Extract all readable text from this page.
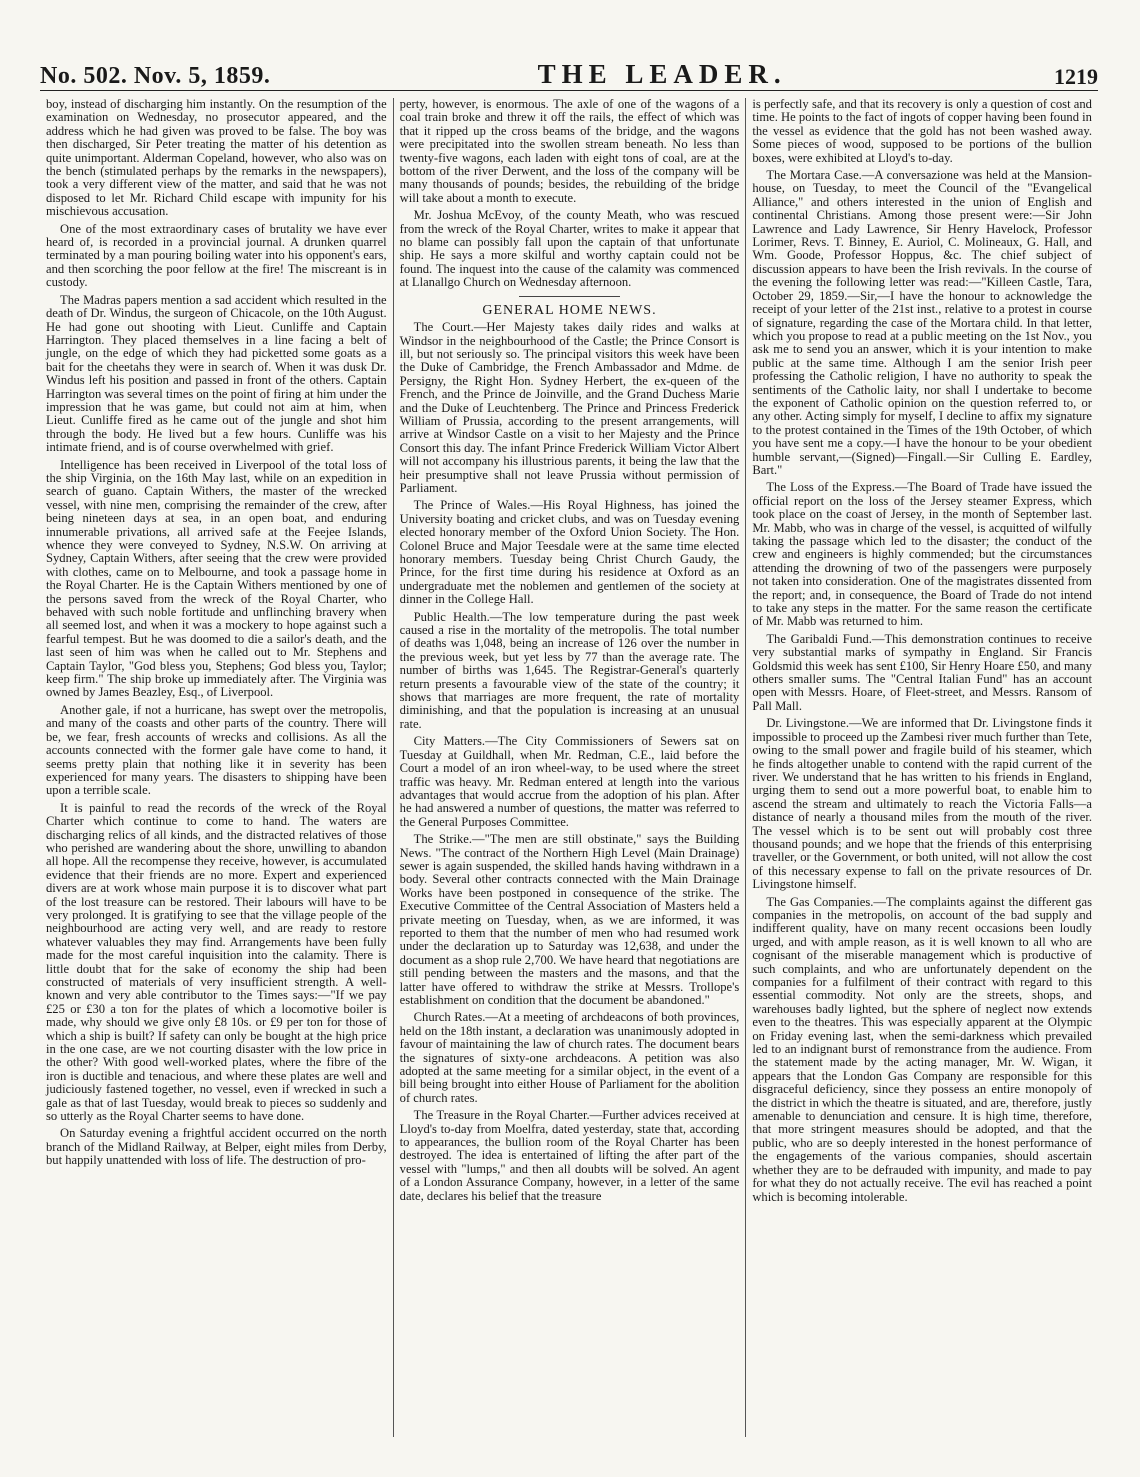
No. 502. Nov. 5, 1859.	THE LEADER.	1219

boy, instead of discharging him instantly. On the resumption of the examination on Wednesday, no prosecutor appeared, and the address which he had given was proved to be false. The boy was then discharged, Sir Peter treating the matter of his detention as quite unimportant. Alderman Copeland, however, who also was on the bench (stimulated perhaps by the remarks in the newspapers), took a very different view of the matter, and said that he was not disposed to let Mr. Richard Child escape with impunity for his mischievous accusation.

One of the most extraordinary cases of brutality we have ever heard of, is recorded in a provincial journal. A drunken quarrel terminated by a man pouring boiling water into his opponent's ears, and then scorching the poor fellow at the fire! The miscreant is in custody.

The Madras papers mention a sad accident which resulted in the death of Dr. Windus, the surgeon of Chicacole, on the 10th August. He had gone out shooting with Lieut. Cunliffe and Captain Harrington. They placed themselves in a line facing a belt of jungle, on the edge of which they had picketted some goats as a bait for the cheetahs they were in search of. When it was dusk Dr. Windus left his position and passed in front of the others. Captain Harrington was several times on the point of firing at him under the impression that he was game, but could not aim at him, when Lieut. Cunliffe fired as he came out of the jungle and shot him through the body. He lived but a few hours. Cunliffe was his intimate friend, and is of course overwhelmed with grief.

Intelligence has been received in Liverpool of the total loss of the ship Virginia, on the 16th May last, while on an expedition in search of guano. Captain Withers, the master of the wrecked vessel, with nine men, comprising the remainder of the crew, after being nineteen days at sea, in an open boat, and enduring innumerable privations, all arrived safe at the Feejee Islands, whence they were conveyed to Sydney, N.S.W. On arriving at Sydney, Captain Withers, after seeing that the crew were provided with clothes, came on to Melbourne, and took a passage home in the Royal Charter. He is the Captain Withers mentioned by one of the persons saved from the wreck of the Royal Charter, who behaved with such noble fortitude and unflinching bravery when all seemed lost, and when it was a mockery to hope against such a fearful tempest. But he was doomed to die a sailor's death, and the last seen of him was when he called out to Mr. Stephens and Captain Taylor, "God bless you, Stephens; God bless you, Taylor; keep firm." The ship broke up immediately after. The Virginia was owned by James Beazley, Esq., of Liverpool.

Another gale, if not a hurricane, has swept over the metropolis, and many of the coasts and other parts of the country. There will be, we fear, fresh accounts of wrecks and collisions. As all the accounts connected with the former gale have come to hand, it seems pretty plain that nothing like it in severity has been experienced for many years. The disasters to shipping have been upon a terrible scale.

It is painful to read the records of the wreck of the Royal Charter which continue to come to hand. The waters are discharging relics of all kinds, and the distracted relatives of those who perished are wandering about the shore, unwilling to abandon all hope. All the recompense they receive, however, is accumulated evidence that their friends are no more. Expert and experienced divers are at work whose main purpose it is to discover what part of the lost treasure can be restored. Their labours will have to be very prolonged. It is gratifying to see that the village people of the neighbourhood are acting very well, and are ready to restore whatever valuables they may find. Arrangements have been fully made for the most careful inquisition into the calamity. There is little doubt that for the sake of economy the ship had been constructed of materials of very insufficient strength. A well-known and very able contributor to the Times says:—"If we pay £25 or £30 a ton for the plates of which a locomotive boiler is made, why should we give only £8 10s. or £9 per ton for those of which a ship is built? If safety can only be bought at the high price in the one case, are we not courting disaster with the low price in the other? With good well-worked plates, where the fibre of the iron is ductible and tenacious, and where these plates are well and judiciously fastened together, no vessel, even if wrecked in such a gale as that of last Tuesday, would break to pieces so suddenly and so utterly as the Royal Charter seems to have done.

On Saturday evening a frightful accident occurred on the north branch of the Midland Railway, at Belper, eight miles from Derby, but happily unattended with loss of life. The destruction of pro-

perty, however, is enormous. The axle of one of the wagons of a coal train broke and threw it off the rails, the effect of which was that it ripped up the cross beams of the bridge, and the wagons were precipitated into the swollen stream beneath. No less than twenty-five wagons, each laden with eight tons of coal, are at the bottom of the river Derwent, and the loss of the company will be many thousands of pounds; besides, the rebuilding of the bridge will take about a month to execute.

Mr. Joshua McEvoy, of the county Meath, who was rescued from the wreck of the Royal Charter, writes to make it appear that no blame can possibly fall upon the captain of that unfortunate ship. He says a more skilful and worthy captain could not be found. The inquest into the cause of the calamity was commenced at Llanallgo Church on Wednesday afternoon.

GENERAL HOME NEWS.

The Court.—Her Majesty takes daily rides and walks at Windsor in the neighbourhood of the Castle; the Prince Consort is ill, but not seriously so. The principal visitors this week have been the Duke of Cambridge, the French Ambassador and Mdme. de Persigny, the Right Hon. Sydney Herbert, the ex-queen of the French, and the Prince de Joinville, and the Grand Duchess Marie and the Duke of Leuchtenberg. The Prince and Princess Frederick William of Prussia, according to the present arrangements, will arrive at Windsor Castle on a visit to her Majesty and the Prince Consort this day. The infant Prince Frederick William Victor Albert will not accompany his illustrious parents, it being the law that the heir presumptive shall not leave Prussia without permission of Parliament.

The Prince of Wales.—His Royal Highness, has joined the University boating and cricket clubs, and was on Tuesday evening elected honorary member of the Oxford Union Society. The Hon. Colonel Bruce and Major Teesdale were at the same time elected honorary members. Tuesday being Christ Church Gaudy, the Prince, for the first time during his residence at Oxford as an undergraduate met the noblemen and gentlemen of the society at dinner in the College Hall.

Public Health.—The low temperature during the past week caused a rise in the mortality of the metropolis. The total number of deaths was 1,048, being an increase of 126 over the number in the previous week, but yet less by 77 than the average rate. The number of births was 1,645. The Registrar-General's quarterly return presents a favourable view of the state of the country; it shows that marriages are more frequent, the rate of mortality diminishing, and that the population is increasing at an unusual rate.

City Matters.—The City Commissioners of Sewers sat on Tuesday at Guildhall, when Mr. Redman, C.E., laid before the Court a model of an iron wheel-way, to be used where the street traffic was heavy. Mr. Redman entered at length into the various advantages that would accrue from the adoption of his plan. After he had answered a number of questions, the matter was referred to the General Purposes Committee.

The Strike.—"The men are still obstinate," says the Building News. "The contract of the Northern High Level (Main Drainage) sewer is again suspended, the skilled hands having withdrawn in a body. Several other contracts connected with the Main Drainage Works have been postponed in consequence of the strike. The Executive Committee of the Central Association of Masters held a private meeting on Tuesday, when, as we are informed, it was reported to them that the number of men who had resumed work under the declaration up to Saturday was 12,638, and under the document as a shop rule 2,700. We have heard that negotiations are still pending between the masters and the masons, and that the latter have offered to withdraw the strike at Messrs. Trollope's establishment on condition that the document be abandoned."

Church Rates.—At a meeting of archdeacons of both provinces, held on the 18th instant, a declaration was unanimously adopted in favour of maintaining the law of church rates. The document bears the signatures of sixty-one archdeacons. A petition was also adopted at the same meeting for a similar object, in the event of a bill being brought into either House of Parliament for the abolition of church rates.

The Treasure in the Royal Charter.—Further advices received at Lloyd's to-day from Moelfra, dated yesterday, state that, according to appearances, the bullion room of the Royal Charter has been destroyed. The idea is entertained of lifting the after part of the vessel with "lumps," and then all doubts will be solved. An agent of a London Assurance Company, however, in a letter of the same date, declares his belief that the treasure

is perfectly safe, and that its recovery is only a question of cost and time. He points to the fact of ingots of copper having been found in the vessel as evidence that the gold has not been washed away. Some pieces of wood, supposed to be portions of the bullion boxes, were exhibited at Lloyd's to-day.

The Mortara Case.—A conversazione was held at the Mansion-house, on Tuesday, to meet the Council of the "Evangelical Alliance," and others interested in the union of English and continental Christians. Among those present were:—Sir John Lawrence and Lady Lawrence, Sir Henry Havelock, Professor Lorimer, Revs. T. Binney, E. Auriol, C. Molineaux, G. Hall, and Wm. Goode, Professor Hoppus, &c. The chief subject of discussion appears to have been the Irish revivals. In the course of the evening the following letter was read:—"Killeen Castle, Tara, October 29, 1859.—Sir,—I have the honour to acknowledge the receipt of your letter of the 21st inst., relative to a protest in course of signature, regarding the case of the Mortara child. In that letter, which you propose to read at a public meeting on the 1st Nov., you ask me to send you an answer, which it is your intention to make public at the same time. Although I am the senior Irish peer professing the Catholic religion, I have no authority to speak the sentiments of the Catholic laity, nor shall I undertake to become the exponent of Catholic opinion on the question referred to, or any other. Acting simply for myself, I decline to affix my signature to the protest contained in the Times of the 19th October, of which you have sent me a copy.—I have the honour to be your obedient humble servant,—(Signed)—Fingall.—Sir Culling E. Eardley, Bart."

The Loss of the Express.—The Board of Trade have issued the official report on the loss of the Jersey steamer Express, which took place on the coast of Jersey, in the month of September last. Mr. Mabb, who was in charge of the vessel, is acquitted of wilfully taking the passage which led to the disaster; the conduct of the crew and engineers is highly commended; but the circumstances attending the drowning of two of the passengers were purposely not taken into consideration. One of the magistrates dissented from the report; and, in consequence, the Board of Trade do not intend to take any steps in the matter. For the same reason the certificate of Mr. Mabb was returned to him.

The Garibaldi Fund.—This demonstration continues to receive very substantial marks of sympathy in England. Sir Francis Goldsmid this week has sent £100, Sir Henry Hoare £50, and many others smaller sums. The "Central Italian Fund" has an account open with Messrs. Hoare, of Fleet-street, and Messrs. Ransom of Pall Mall.

Dr. Livingstone.—We are informed that Dr. Livingstone finds it impossible to proceed up the Zambesi river much further than Tete, owing to the small power and fragile build of his steamer, which he finds altogether unable to contend with the rapid current of the river. We understand that he has written to his friends in England, urging them to send out a more powerful boat, to enable him to ascend the stream and ultimately to reach the Victoria Falls—a distance of nearly a thousand miles from the mouth of the river. The vessel which is to be sent out will probably cost three thousand pounds; and we hope that the friends of this enterprising traveller, or the Government, or both united, will not allow the cost of this necessary expense to fall on the private resources of Dr. Livingstone himself.

The Gas Companies.—The complaints against the different gas companies in the metropolis, on account of the bad supply and indifferent quality, have on many recent occasions been loudly urged, and with ample reason, as it is well known to all who are cognisant of the miserable management which is productive of such complaints, and who are unfortunately dependent on the companies for a fulfilment of their contract with regard to this essential commodity. Not only are the streets, shops, and warehouses badly lighted, but the sphere of neglect now extends even to the theatres. This was especially apparent at the Olympic on Friday evening last, when the semi-darkness which prevailed led to an indignant burst of remonstrance from the audience. From the statement made by the acting manager, Mr. W. Wigan, it appears that the London Gas Company are responsible for this disgraceful deficiency, since they possess an entire monopoly of the district in which the theatre is situated, and are, therefore, justly amenable to denunciation and censure. It is high time, therefore, that more stringent measures should be adopted, and that the public, who are so deeply interested in the honest performance of the engagements of the various companies, should ascertain whether they are to be defrauded with impunity, and made to pay for what they do not actually receive. The evil has reached a point which is becoming intolerable.
